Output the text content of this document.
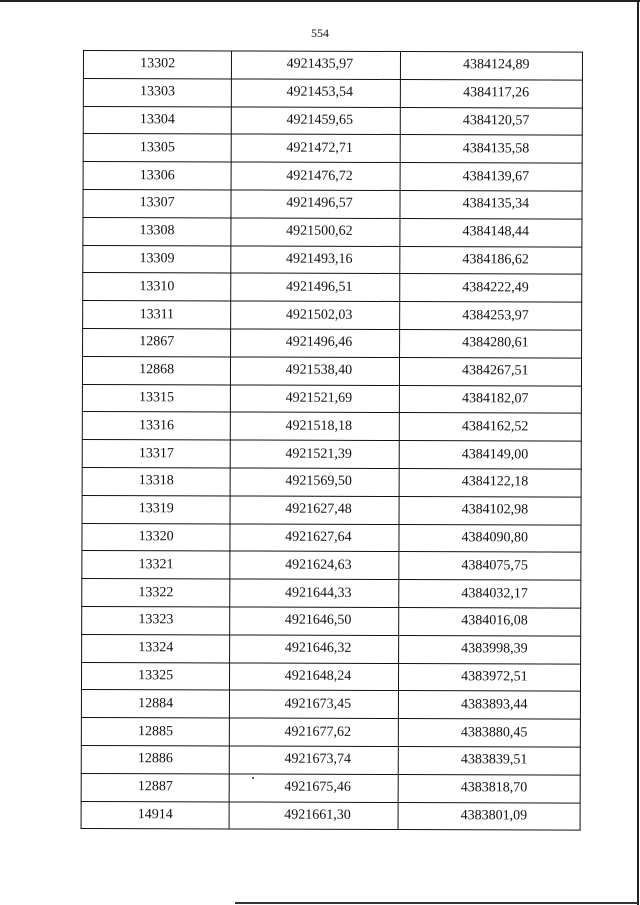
554
13302	4921435,97	4384124,89
13303	4921453,54	4384117,26
13304	4921459,65	4384120,57
13305	4921472,71	4384135,58
13306	4921476,72	4384139,67
13307	4921496,57	4384135,34
13308	4921500,62	4384148,44
13309	4921493,16	4384186,62
13310	4921496,51	4384222,49
13311	4921502,03	4384253,97
12867	4921496,46	4384280,61
12868	4921538,40	4384267,51
13315	4921521,69	4384182,07
13316	4921518,18	4384162,52
13317	4921521,39	4384149,00
13318	4921569,50	4384122,18
13319	4921627,48	4384102,98
13320	4921627,64	4384090,80
13321	4921624,63	4384075,75
13322	4921644,33	4384032,17
13323	4921646,50	4384016,08
13324	4921646,32	4383998,39
13325	4921648,24	4383972,51
12884	4921673,45	4383893,44
12885	4921677,62	4383880,45
12886	4921673,74	4383839,51
12887	4921675,46	4383818,70
14914	4921661,30	4383801,09
